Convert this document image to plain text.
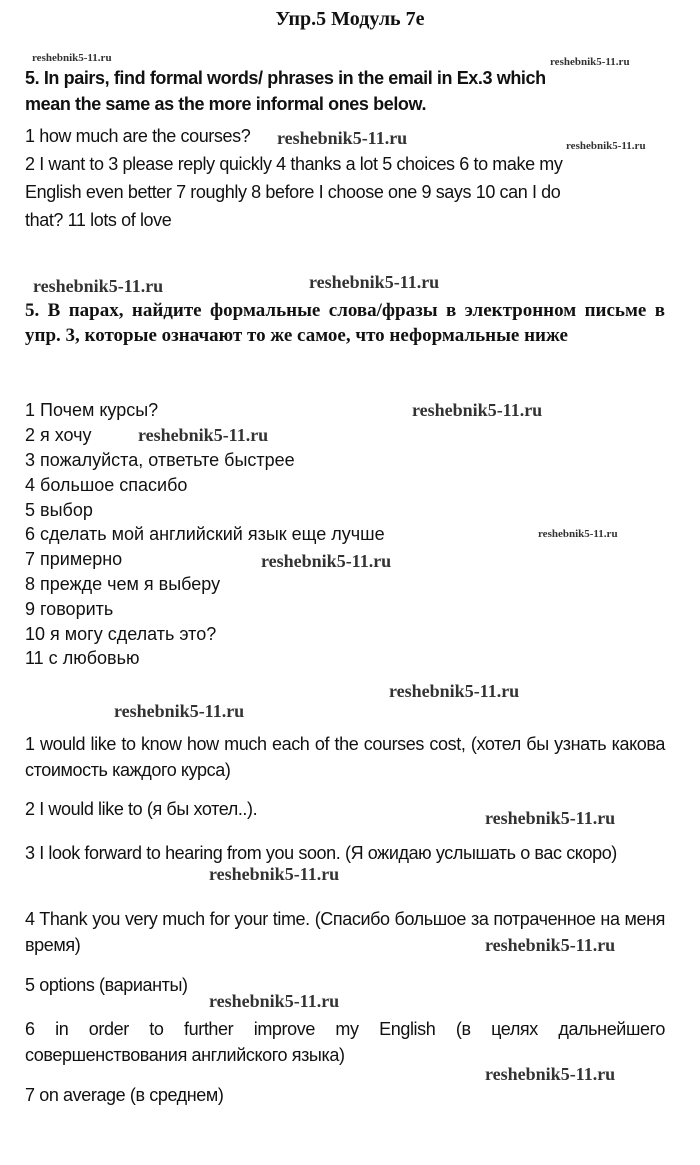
Упр.5 Модуль 7e
5. In pairs, find formal words/ phrases in the email in Ex.3 which
mean the same as the more informal ones below.
1 how much are the courses?
2 I want to 3 please reply quickly 4 thanks a lot 5 choices 6 to make my
English even better 7 roughly 8 before I choose one 9 says 10 can I do
that? 11 lots of love
5. В парах, найдите формальные слова/фразы в электронном письме в упр. 3, которые означают то же самое, что неформальные ниже
1 Почем курсы?
2 я хочу
3 пожалуйста, ответьте быстрее
4 большое спасибо
5 выбор
6 сделать мой английский язык еще лучше
7 примерно
8 прежде чем я выберу
9 говорить
10 я могу сделать это?
11 с любовью
1 would like to know how much each of the courses cost, (хотел бы узнать какова стоимость каждого курса)
2 I would like to (я бы хотел..).
3 I look forward to hearing from you soon. (Я ожидаю услышать о вас скоро)
4 Thank you very much for your time. (Спасибо большое за потраченное на меня время)
5 options (варианты)
6 in order to further improve my English (в целях дальнейшего совершенствования английского языка)
7 on average (в среднем)
reshebnik5-11.ru	reshebnik5-11.ru
reshebnik5-11.ru	reshebnik5-11.ru
reshebnik5-11.ru	reshebnik5-11.ru
reshebnik5-11.ru
reshebnik5-11.ru
reshebnik5-11.ru
reshebnik5-11.ru
reshebnik5-11.ru
reshebnik5-11.ru
reshebnik5-11.ru
reshebnik5-11.ru
reshebnik5-11.ru
reshebnik5-11.ru
reshebnik5-11.ru
